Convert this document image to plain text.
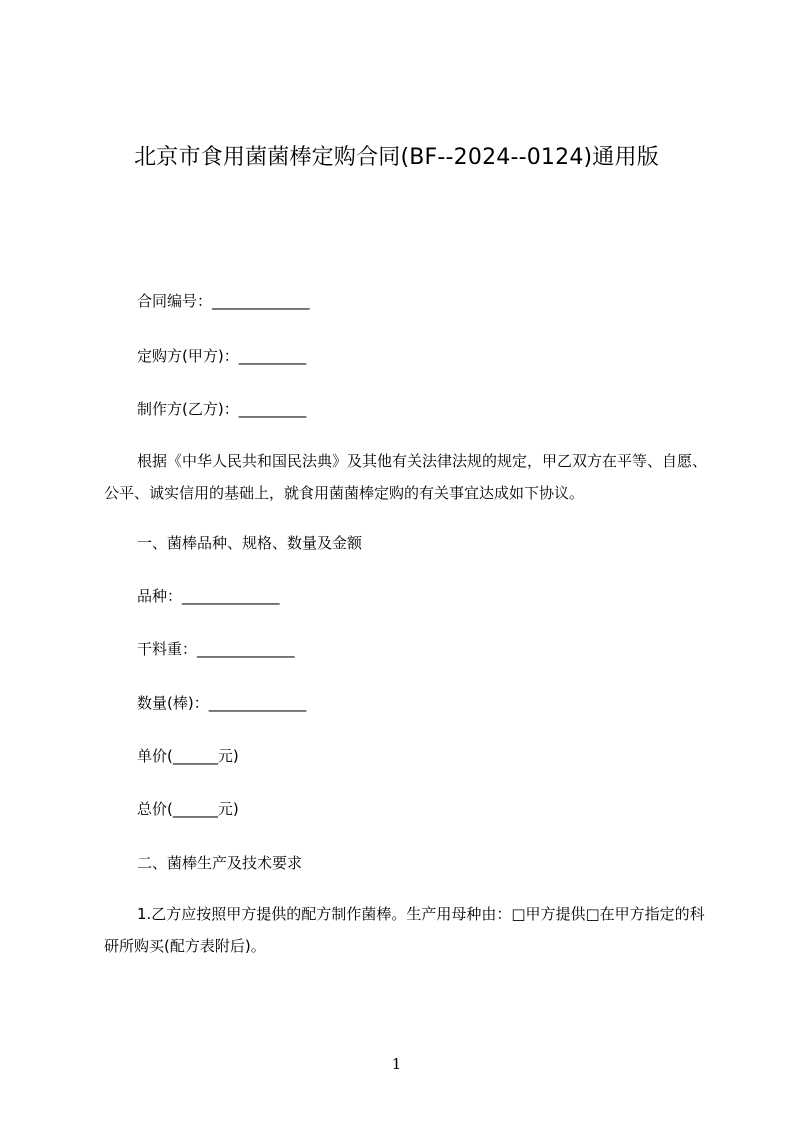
北京市食用菌菌棒定购合同(BF--2024--0124)通用版
合同编号：_____________
定购方(甲方)：_________
制作方(乙方)：_________
根据《中华人民共和国民法典》及其他有关法律法规的规定，甲乙双方在平等、自愿、公平、诚实信用的基础上，就食用菌菌棒定购的有关事宜达成如下协议。
一、菌棒品种、规格、数量及金额
品种：_____________
干料重：_____________
数量(棒)：_____________
单价(______元)
总价(______元)
二、菌棒生产及技术要求
1.乙方应按照甲方提供的配方制作菌棒。生产用母种由：□甲方提供□在甲方指定的科研所购买(配方表附后)。
1
